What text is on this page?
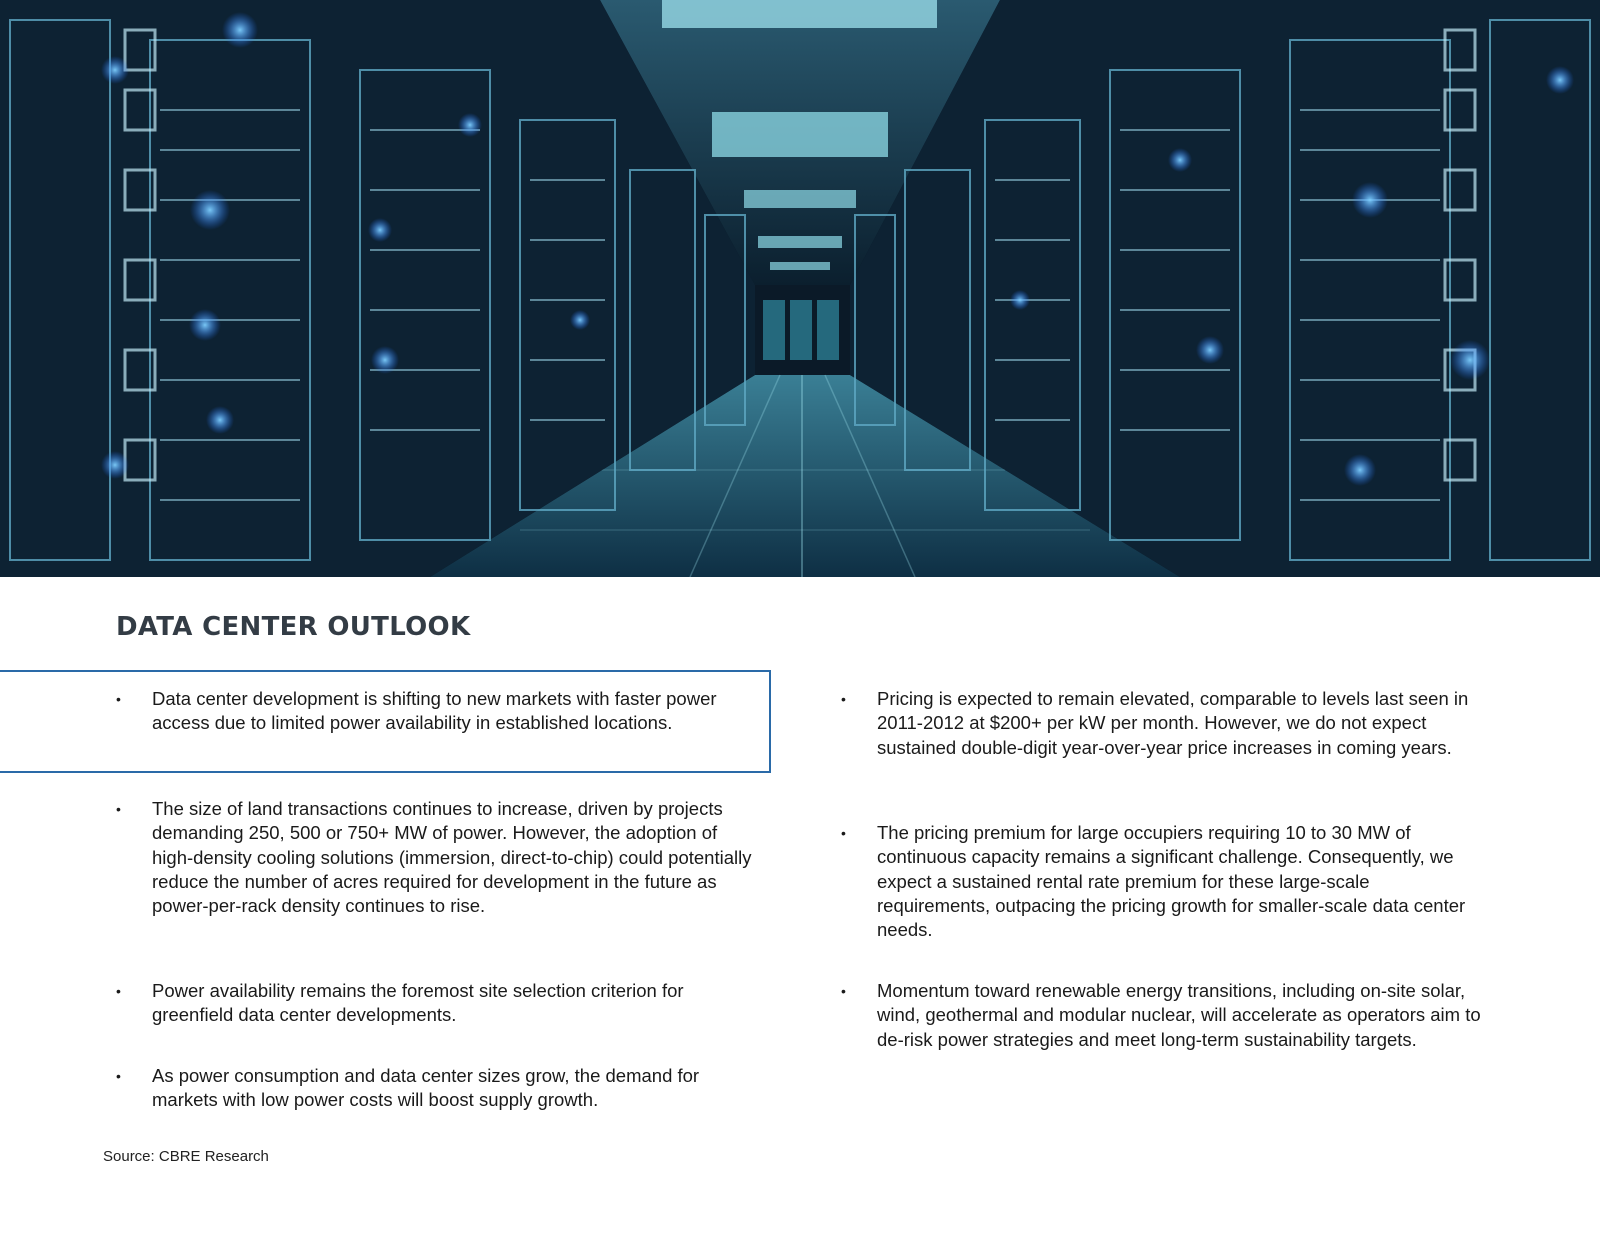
DATA CENTER OUTLOOK
• Data center development is shifting to new markets with faster power access due to limited power availability in established locations.
• The size of land transactions continues to increase, driven by projects demanding 250, 500 or 750+ MW of power. However, the adoption of high-density cooling solutions (immersion, direct-to-chip) could potentially reduce the number of acres required for development in the future as power-per-rack density continues to rise.
• Power availability remains the foremost site selection criterion for greenfield data center developments.
• As power consumption and data center sizes grow, the demand for markets with low power costs will boost supply growth.
• Pricing is expected to remain elevated, comparable to levels last seen in 2011-2012 at $200+ per kW per month. However, we do not expect sustained double-digit year-over-year price increases in coming years.
• The pricing premium for large occupiers requiring 10 to 30 MW of continuous capacity remains a significant challenge. Consequently, we expect a sustained rental rate premium for these large-scale requirements, outpacing the pricing growth for smaller-scale data center needs.
• Momentum toward renewable energy transitions, including on-site solar, wind, geothermal and modular nuclear, will accelerate as operators aim to de-risk power strategies and meet long-term sustainability targets.
Source: CBRE Research
